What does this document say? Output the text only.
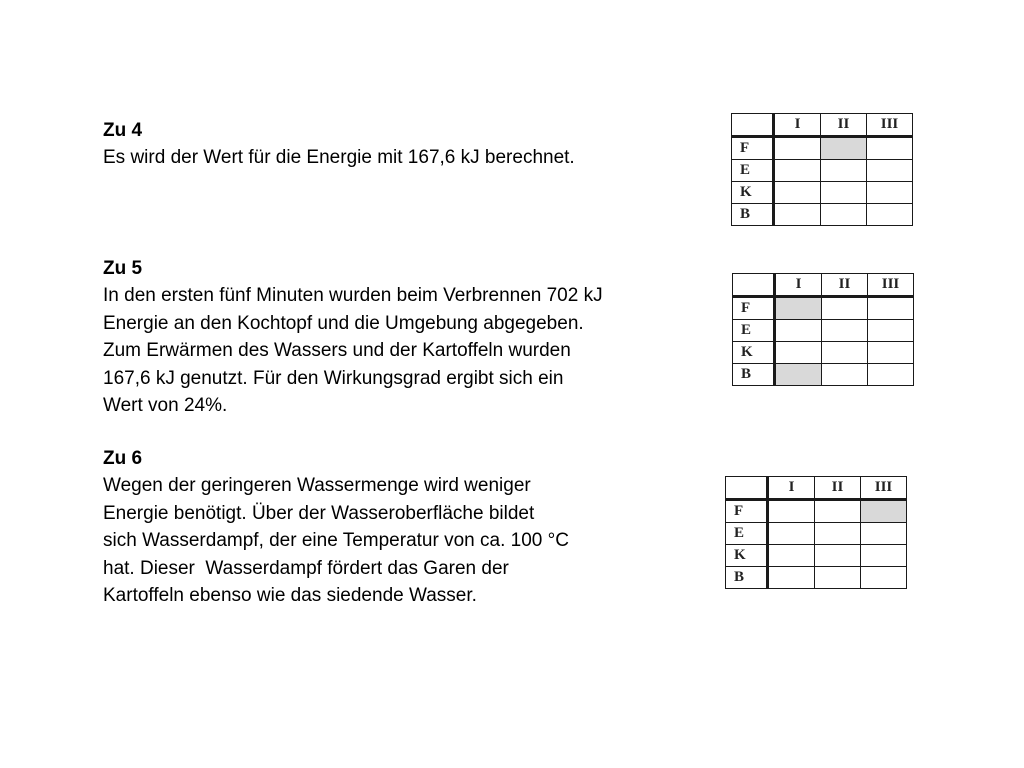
Zu 4
Es wird der Wert für die Energie mit 167,6 kJ berechnet.
Zu 5
In den ersten fünf Minuten wurden beim Verbrennen 702 kJ
Energie an den Kochtopf und die Umgebung abgegeben.
Zum Erwärmen des Wassers und der Kartoffeln wurden
167,6 kJ genutzt. Für den Wirkungsgrad ergibt sich ein
Wert von 24%.
Zu 6
Wegen der geringeren Wassermenge wird weniger
Energie benötigt. Über der Wasseroberfläche bildet
sich Wasserdampf, der eine Temperatur von ca. 100 °C
hat. Dieser  Wasserdampf fördert das Garen der
Kartoffeln ebenso wie das siedende Wasser.
	I	II	III
F			
E			
K			
B			
	I	II	III
F			
E			
K			
B			
	I	II	III
F			
E			
K			
B			
